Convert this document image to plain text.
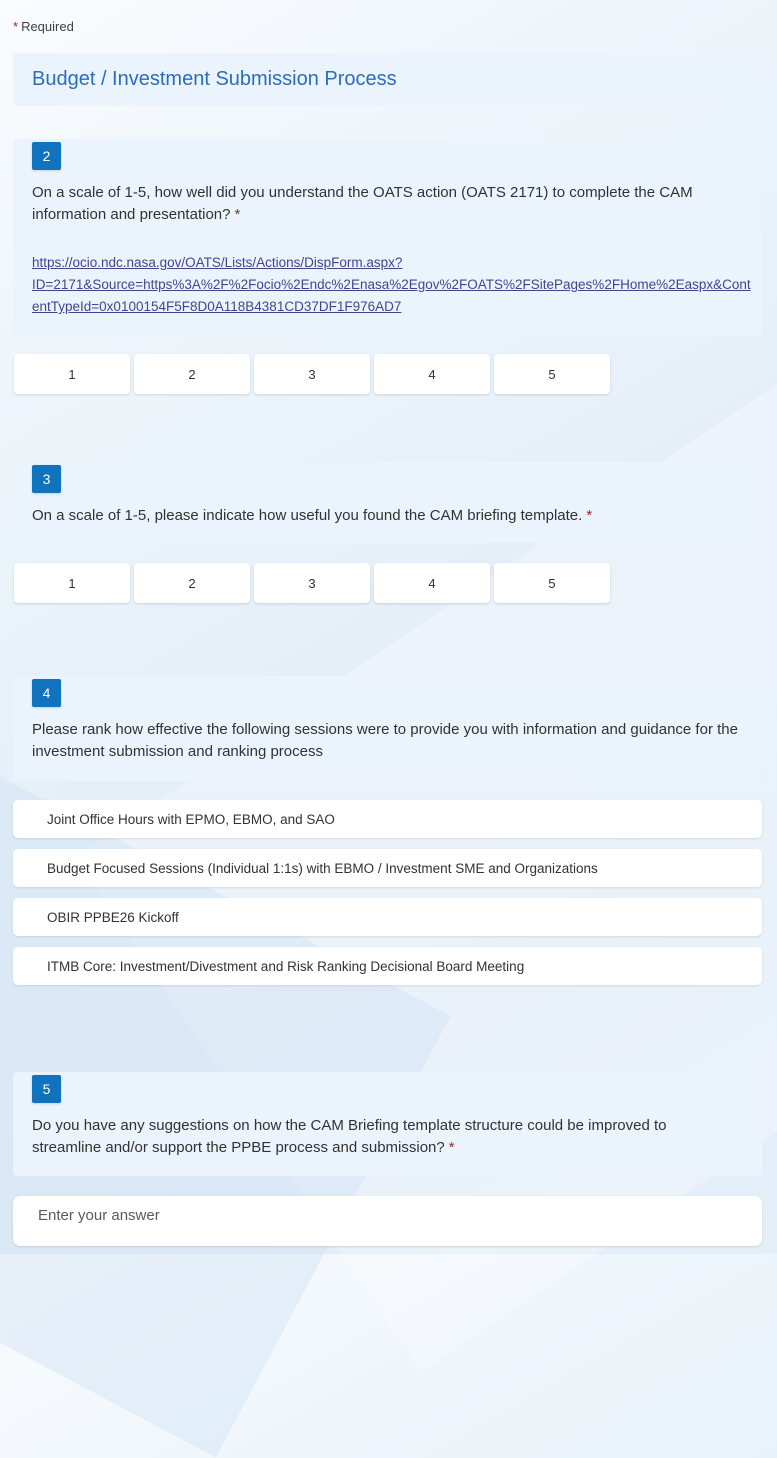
* Required
Budget / Investment Submission Process
2
On a scale of 1-5, how well did you understand the OATS action (OATS 2171) to complete the CAM information and presentation? *
https://ocio.ndc.nasa.gov/OATS/Lists/Actions/DispForm.aspx?
ID=2171&Source=https%3A%2F%2Focio%2Endc%2Enasa%2Egov%2FOATS%2FSitePages%2FHome%2Easpx&Cont
entTypeId=0x0100154F5F8D0A118B4381CD37DF1F976AD7
1	2	3	4	5
3
On a scale of 1-5, please indicate how useful you found the CAM briefing template. *
1	2	3	4	5
4
Please rank how effective the following sessions were to provide you with information and guidance for the investment submission and ranking process
Joint Office Hours with EPMO, EBMO, and SAO
Budget Focused Sessions (Individual 1:1s) with EBMO / Investment SME and Organizations
OBIR PPBE26 Kickoff
ITMB Core: Investment/Divestment and Risk Ranking Decisional Board Meeting
5
Do you have any suggestions on how the CAM Briefing template structure could be improved to streamline and/or support the PPBE process and submission? *
Enter your answer
